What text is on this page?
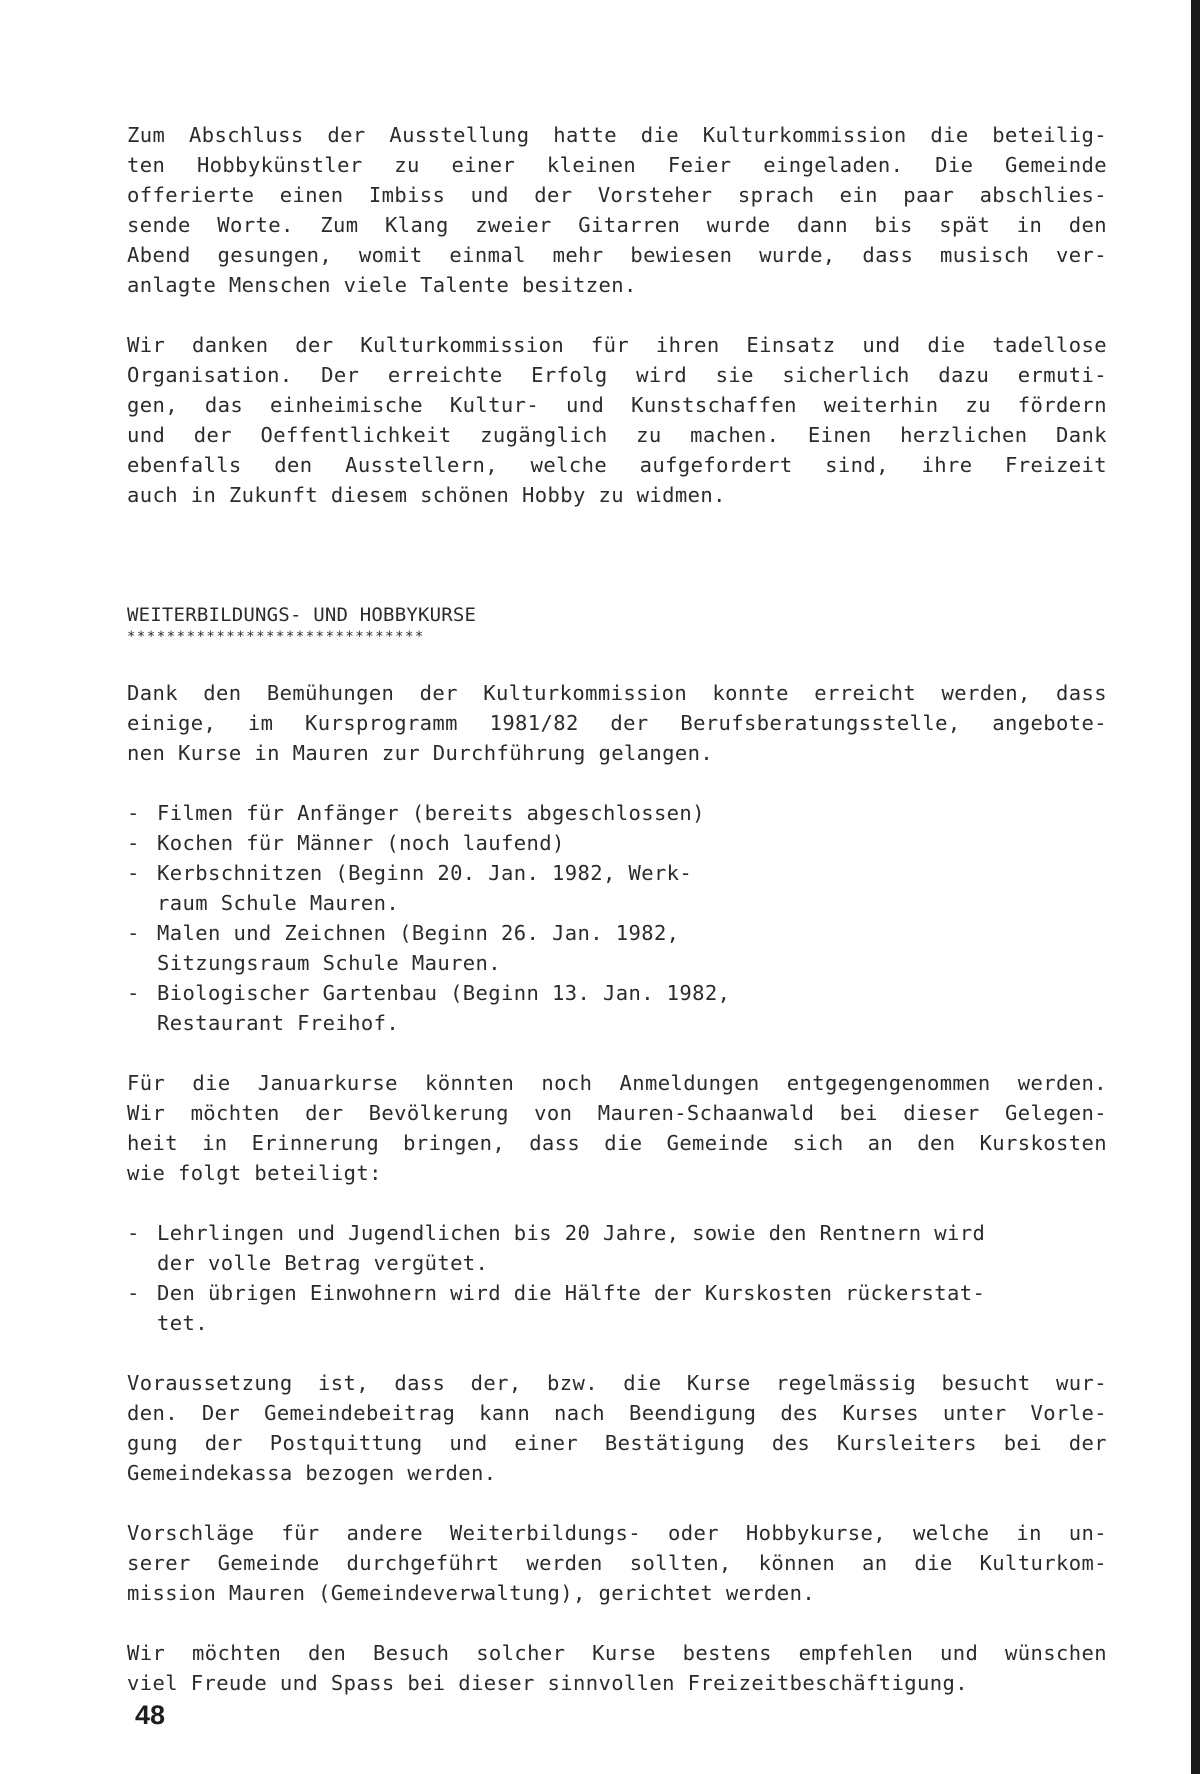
Zum Abschluss der Ausstellung hatte die Kulturkommission die beteilig-
ten Hobbykünstler zu einer kleinen Feier eingeladen. Die Gemeinde
offerierte einen Imbiss und der Vorsteher sprach ein paar abschlies-
sende Worte. Zum Klang zweier Gitarren wurde dann bis spät in den
Abend gesungen, womit einmal mehr bewiesen wurde, dass musisch ver-
anlagte Menschen viele Talente besitzen.
Wir danken der Kulturkommission für ihren Einsatz und die tadellose
Organisation. Der erreichte Erfolg wird sie sicherlich dazu ermuti-
gen, das einheimische Kultur- und Kunstschaffen weiterhin zu fördern
und der Oeffentlichkeit zugänglich zu machen. Einen herzlichen Dank
ebenfalls den Ausstellern, welche aufgefordert sind, ihre Freizeit
auch in Zukunft diesem schönen Hobby zu widmen.
WEITERBILDUNGS- UND HOBBYKURSE
******************************
Dank den Bemühungen der Kulturkommission konnte erreicht werden, dass
einige, im Kursprogramm 1981/82 der Berufsberatungsstelle, angebote-
nen Kurse in Mauren zur Durchführung gelangen.
- Filmen für Anfänger (bereits abgeschlossen)
- Kochen für Männer (noch laufend)
- Kerbschnitzen (Beginn 20. Jan. 1982, Werk-
raum Schule Mauren.
- Malen und Zeichnen (Beginn 26. Jan. 1982,
Sitzungsraum Schule Mauren.
- Biologischer Gartenbau (Beginn 13. Jan. 1982,
Restaurant Freihof.
Für die Januarkurse könnten noch Anmeldungen entgegengenommen werden.
Wir möchten der Bevölkerung von Mauren-Schaanwald bei dieser Gelegen-
heit in Erinnerung bringen, dass die Gemeinde sich an den Kurskosten
wie folgt beteiligt:
- Lehrlingen und Jugendlichen bis 20 Jahre, sowie den Rentnern wird
der volle Betrag vergütet.
- Den übrigen Einwohnern wird die Hälfte der Kurskosten rückerstat-
tet.
Voraussetzung ist, dass der, bzw. die Kurse regelmässig besucht wur-
den. Der Gemeindebeitrag kann nach Beendigung des Kurses unter Vorle-
gung der Postquittung und einer Bestätigung des Kursleiters bei der
Gemeindekassa bezogen werden.
Vorschläge für andere Weiterbildungs- oder Hobbykurse, welche in un-
serer Gemeinde durchgeführt werden sollten, können an die Kulturkom-
mission Mauren (Gemeindeverwaltung), gerichtet werden.
Wir möchten den Besuch solcher Kurse bestens empfehlen und wünschen
viel Freude und Spass bei dieser sinnvollen Freizeitbeschäftigung.
48
